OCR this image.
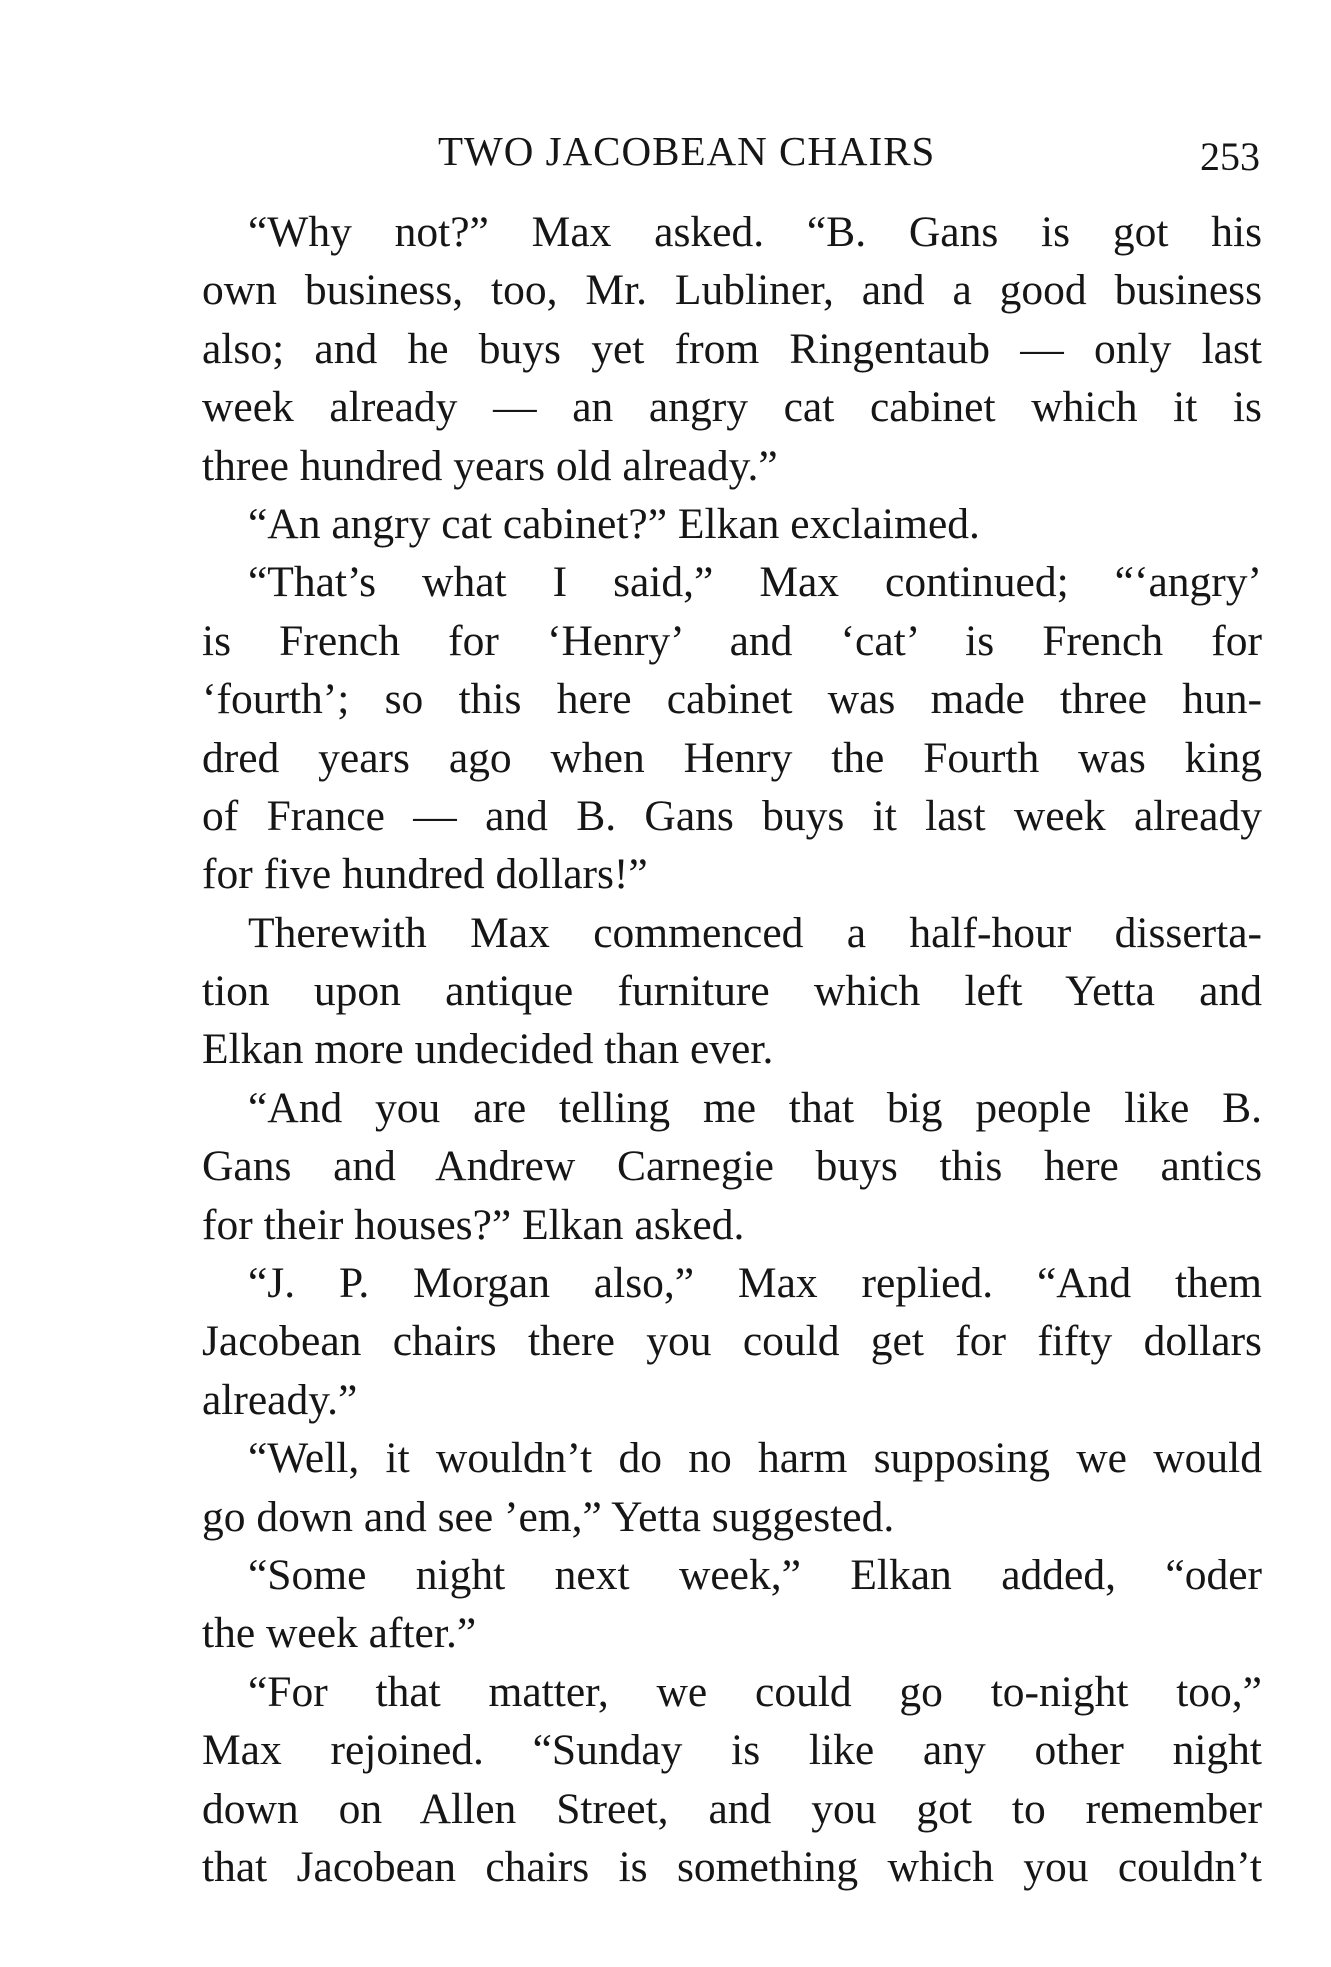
TWO JACOBEAN CHAIRS	253
“Why not?” Max asked. “B. Gans is got his
own business, too, Mr. Lubliner, and a good business
also; and he buys yet from Ringentaub — only last
week already — an angry cat cabinet which it is
three hundred years old already.”
“An angry cat cabinet?” Elkan exclaimed.
“That’s what I said,” Max continued; “‘angry’
is French for ‘Henry’ and ‘cat’ is French for
‘fourth’; so this here cabinet was made three hun-
dred years ago when Henry the Fourth was king
of France — and B. Gans buys it last week already
for five hundred dollars!”
Therewith Max commenced a half-hour disserta-
tion upon antique furniture which left Yetta and
Elkan more undecided than ever.
“And you are telling me that big people like B.
Gans and Andrew Carnegie buys this here antics
for their houses?” Elkan asked.
“J. P. Morgan also,” Max replied. “And them
Jacobean chairs there you could get for fifty dollars
already.”
“Well, it wouldn’t do no harm supposing we would
go down and see ’em,” Yetta suggested.
“Some night next week,” Elkan added, “oder
the week after.”
“For that matter, we could go to-night too,”
Max rejoined. “Sunday is like any other night
down on Allen Street, and you got to remember
that Jacobean chairs is something which you couldn’t
